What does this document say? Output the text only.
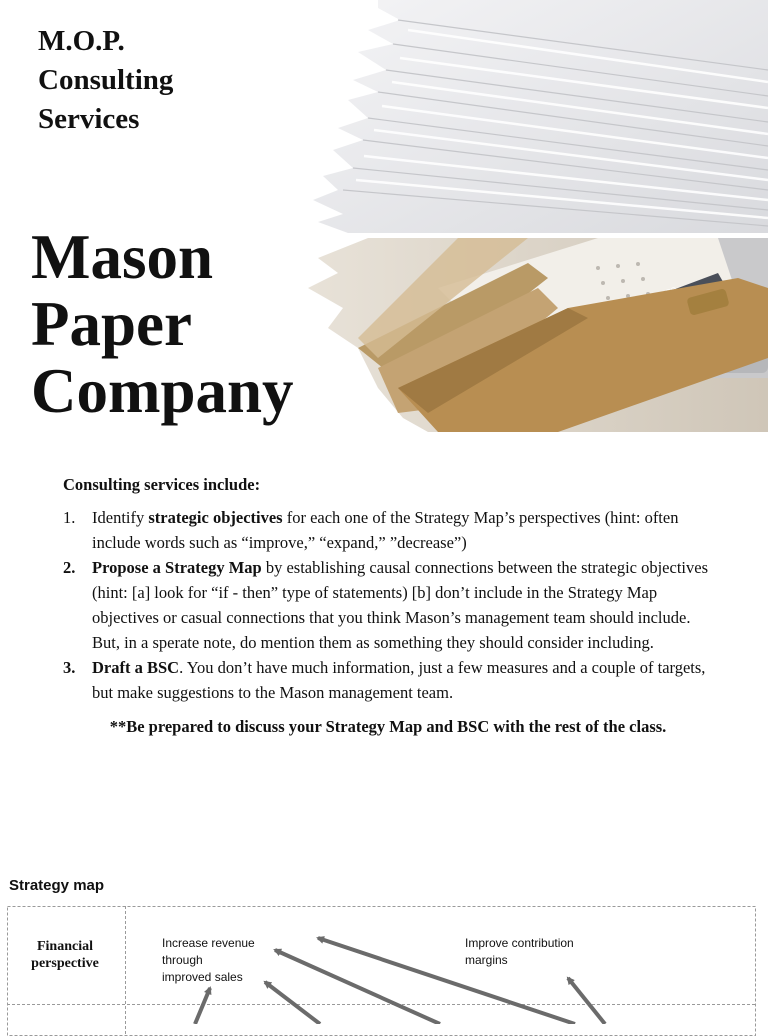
M.O.P.
Consulting
Services
Mason
Paper
Company
Consulting services include:
1. Identify strategic objectives for each one of the Strategy Map’s perspectives (hint: often include words such as “improve,” “expand,” ”decrease”)
2. Propose a Strategy Map by establishing causal connections between the strategic objectives (hint: [a] look for “if - then” type of statements) [b] don’t include in the Strategy Map objectives or casual connections that you think Mason’s management team should include. But, in a sperate note, do mention them as something they should consider including.
3. Draft a BSC. You don’t have much information, just a few measures and a couple of targets, but make suggestions to the Mason management team.
**Be prepared to discuss your Strategy Map and BSC with the rest of the class.
Strategy map
Financial
perspective
Increase revenue
through
improved sales
Improve contribution
margins
